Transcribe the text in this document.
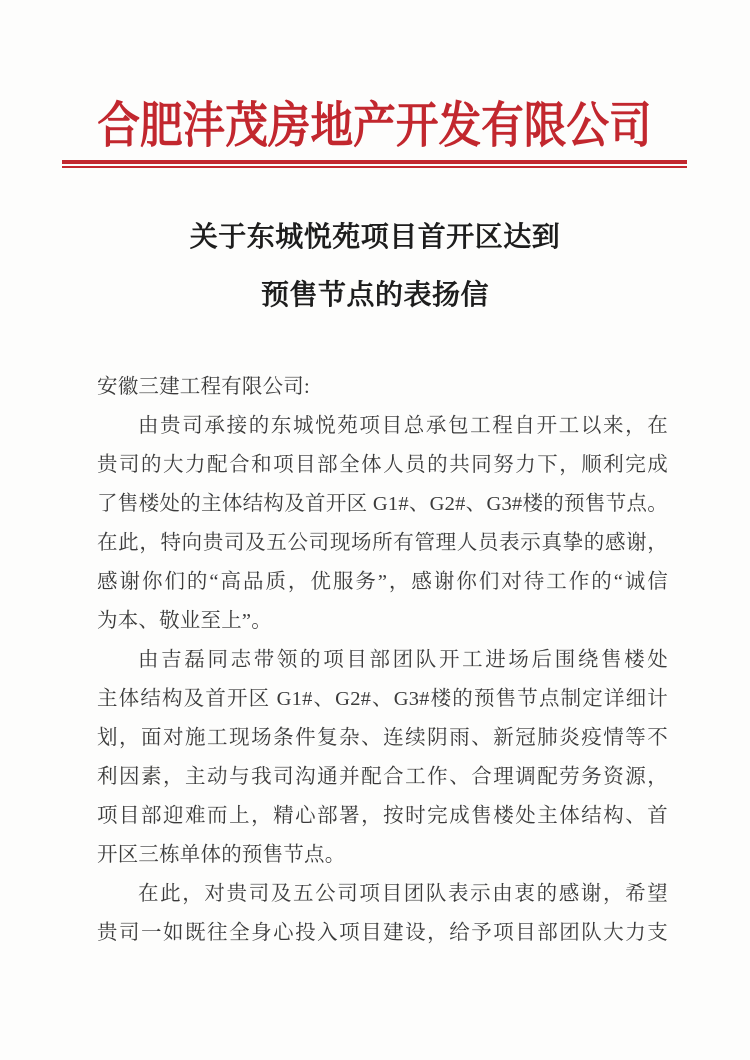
合肥沣茂房地产开发有限公司
关于东城悦苑项目首开区达到
预售节点的表扬信
安徽三建工程有限公司:
由贵司承接的东城悦苑项目总承包工程自开工以来，在
贵司的大力配合和项目部全体人员的共同努力下，顺利完成
了售楼处的主体结构及首开区 G1#、G2#、G3#楼的预售节点。
在此，特向贵司及五公司现场所有管理人员表示真挚的感谢，
感谢你们的“高品质，优服务”，感谢你们对待工作的“诚信
为本、敬业至上”。
由吉磊同志带领的项目部团队开工进场后围绕售楼处
主体结构及首开区 G1#、G2#、G3#楼的预售节点制定详细计
划，面对施工现场条件复杂、连续阴雨、新冠肺炎疫情等不
利因素，主动与我司沟通并配合工作、合理调配劳务资源，
项目部迎难而上，精心部署，按时完成售楼处主体结构、首
开区三栋单体的预售节点。
在此，对贵司及五公司项目团队表示由衷的感谢，希望
贵司一如既往全身心投入项目建设，给予项目部团队大力支
